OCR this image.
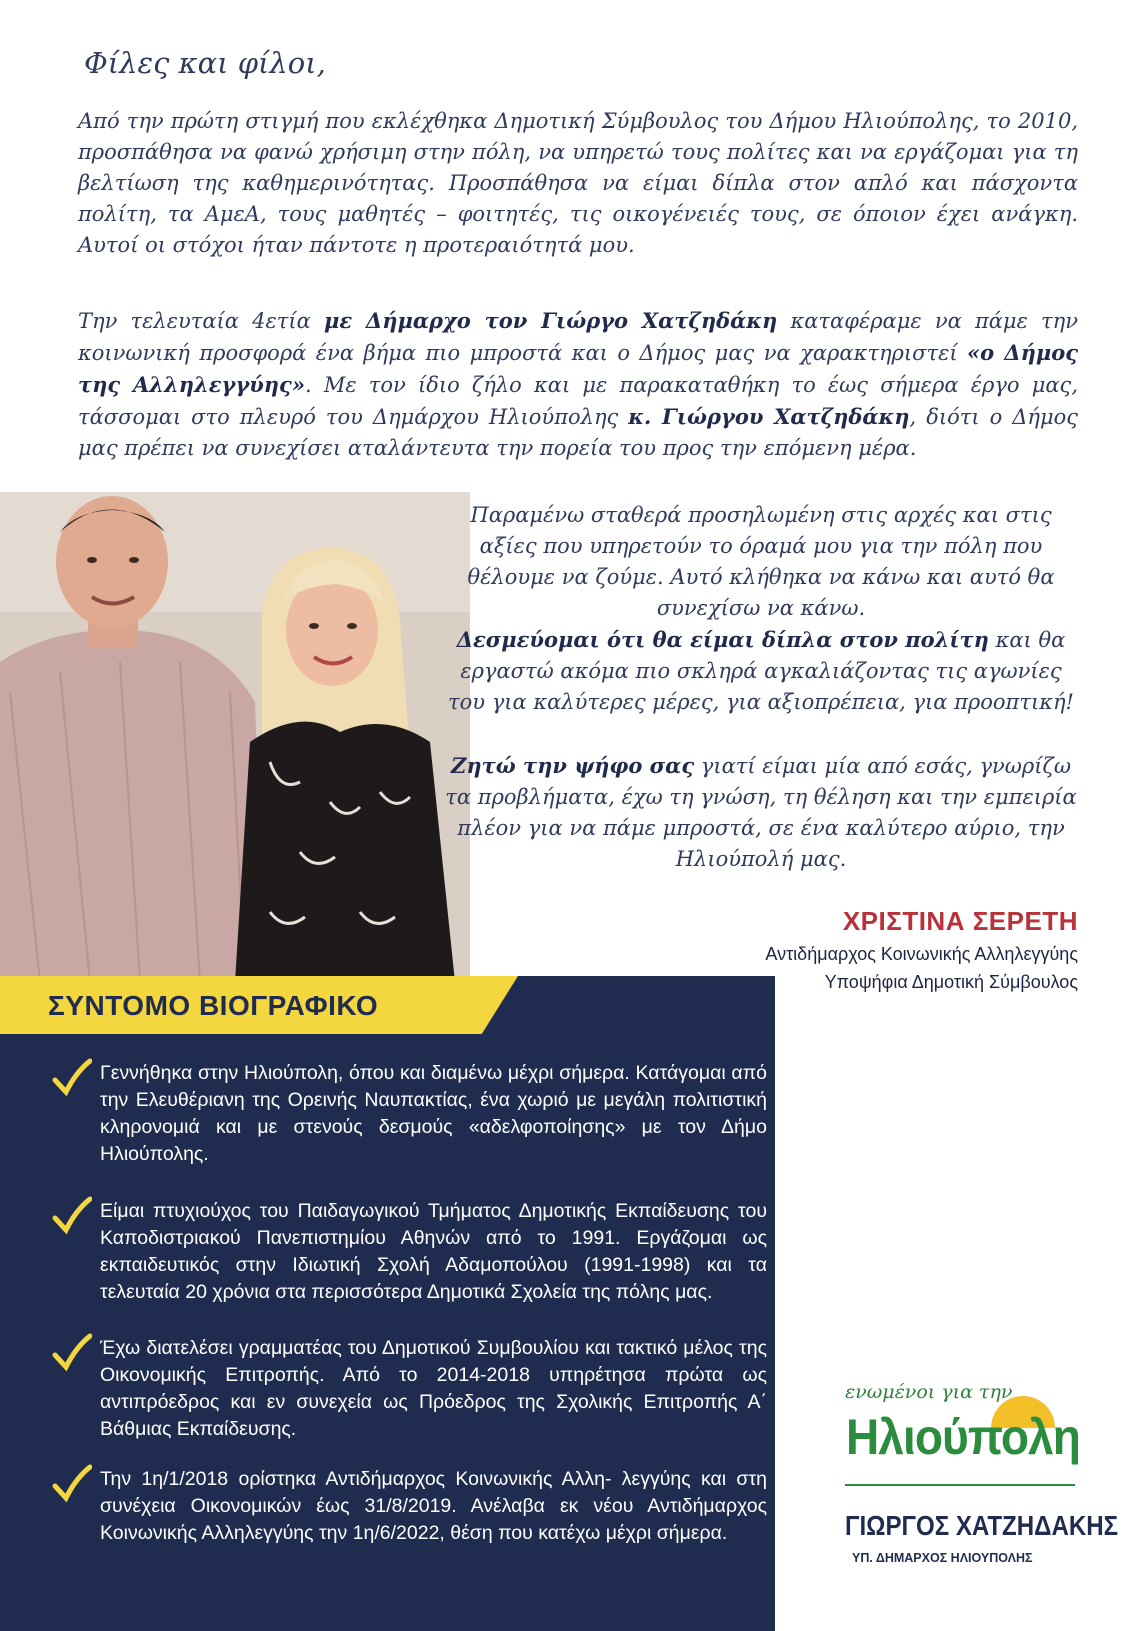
Φίλες και φίλοι,

Από την πρώτη στιγμή που εκλέχθηκα Δημοτική Σύμβουλος του Δήμου Ηλιούπολης, το 2010, προσπάθησα να φανώ χρήσιμη στην πόλη, να υπηρετώ τους πολίτες και να εργάζομαι για τη βελτίωση της καθημερινότητας. Προσπάθησα να είμαι δίπλα στον απλό και πάσχοντα πολίτη, τα ΑμεΑ, τους μαθητές – φοιτητές, τις οικογένειές τους, σε όποιον έχει ανάγκη. Αυτοί οι στόχοι ήταν πάντοτε η προτεραιότητά μου.

Την τελευταία 4ετία με Δήμαρχο τον Γιώργο Χατζηδάκη καταφέραμε να πάμε την κοινωνική προσφορά ένα βήμα πιο μπροστά και ο Δήμος μας να χαρακτηριστεί «ο Δήμος της Αλληλεγγύης». Με τον ίδιο ζήλο και με παρακαταθήκη το έως σήμερα έργο μας, τάσσομαι στο πλευρό του Δημάρχου Ηλιούπολης κ. Γιώργου Χατζηδάκη, διότι ο Δήμος μας πρέπει να συνεχίσει αταλάντευτα την πορεία του προς την επόμενη μέρα.

Παραμένω σταθερά προσηλωμένη στις αρχές και στις αξίες που υπηρετούν το όραμά μου για την πόλη που θέλουμε να ζούμε. Αυτό κλήθηκα να κάνω και αυτό θα συνεχίσω να κάνω.

Δεσμεύομαι ότι θα είμαι δίπλα στον πολίτη και θα εργαστώ ακόμα πιο σκληρά αγκαλιάζοντας τις αγωνίες του για καλύτερες μέρες, για αξιοπρέπεια, για προοπτική!

Ζητώ την ψήφο σας γιατί είμαι μία από εσάς, γνωρίζω τα προβλήματα, έχω τη γνώση, τη θέληση και την εμπειρία πλέον για να πάμε μπροστά, σε ένα καλύτερο αύριο, την Ηλιούπολή μας.

ΧΡΙΣΤΙΝΑ ΣΕΡΕΤΗ
Αντιδήμαρχος Κοινωνικής Αλληλεγγύης
Υποψήφια Δημοτική Σύμβουλος
ΣΥΝΤΟΜΟ ΒΙΟΓΡΑΦΙΚΟ

Γεννήθηκα στην Ηλιούπολη, όπου και διαμένω μέχρι σήμερα. Κατάγομαι από την Ελευθέριανη της Ορεινής Ναυπακτίας, ένα χωριό με μεγάλη πολιτιστική κληρονομιά και με στενούς δεσμούς «αδελφοποίησης» με τον Δήμο Ηλιούπολης.

Είμαι πτυχιούχος του Παιδαγωγικού Τμήματος Δημοτικής Εκπαίδευσης του Καποδιστριακού Πανεπιστημίου Αθηνών από το 1991. Εργάζομαι ως εκπαιδευτικός στην Ιδιωτική Σχολή Αδαμοπούλου (1991-1998) και τα τελευταία 20 χρόνια στα περισσότερα Δημοτικά Σχολεία της πόλης μας.

Έχω διατελέσει γραμματέας του Δημοτικού Συμβουλίου και τακτικό μέλος της Οικονομικής Επιτροπής. Από το 2014-2018 υπηρέτησα πρώτα ως αντιπρόεδρος και εν συνεχεία ως Πρόεδρος της Σχολικής Επιτροπής Α΄ Βάθμιας Εκπαίδευσης.

Την 1η/1/2018 ορίστηκα Αντιδήμαρχος Κοινωνικής Αλλη- λεγγύης και στη συνέχεια Οικονομικών έως 31/8/2019. Ανέλαβα εκ νέου Αντιδήμαρχος Κοινωνικής Αλληλεγγύης την 1η/6/2022, θέση που κατέχω μέχρι σήμερα.

ενωμένοι για την
Ηλιούπολη
ΓΙΩΡΓΟΣ ΧΑΤΖΗΔΑΚΗΣ
ΥΠ. ΔΗΜΑΡΧΟΣ ΗΛΙΟΥΠΟΛΗΣ
